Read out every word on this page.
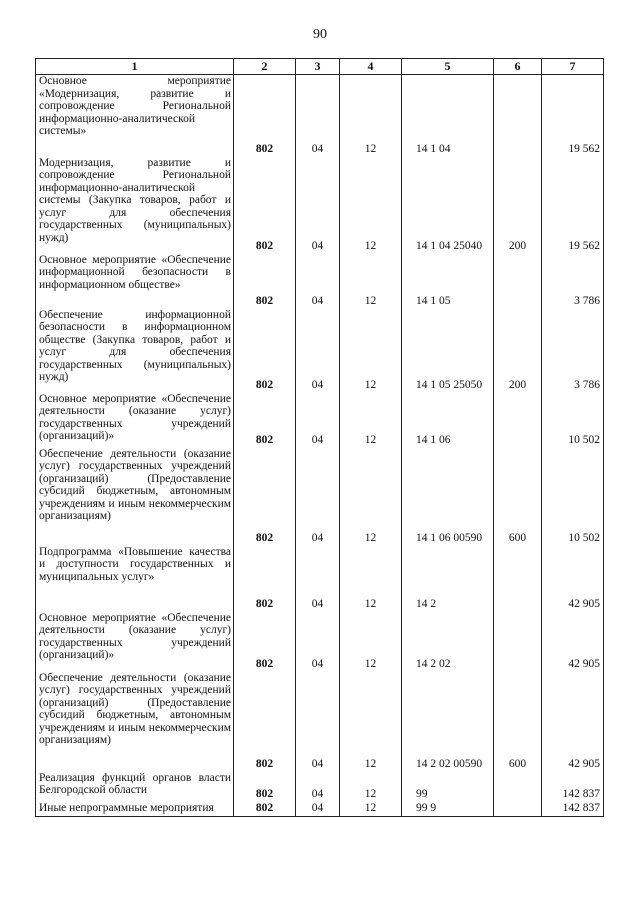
90
1	2	3	4	5	6	7

Основное мероприятие «Модернизация, развитие и сопровождение Региональной информационно-аналитической системы»	802	04	12	14 1 04		19 562

Модернизация, развитие и сопровождение Региональной информационно-аналитической системы (Закупка товаров, работ и услуг для обеспечения государственных (муниципальных) нужд)	802	04	12	14 1 04 25040	200	19 562

Основное мероприятие «Обеспечение информационной безопасности в информационном обществе»	802	04	12	14 1 05		3 786

Обеспечение информационной безопасности в информационном обществе (Закупка товаров, работ и услуг для обеспечения государственных (муниципальных) нужд)	802	04	12	14 1 05 25050	200	3 786

Основное мероприятие «Обеспечение деятельности (оказание услуг) государственных учреждений (организаций)»	802	04	12	14 1 06		10 502

Обеспечение деятельности (оказание услуг) государственных учреждений (организаций) (Предоставление субсидий бюджетным, автономным учреждениям и иным некоммерческим организациям)	802	04	12	14 1 06 00590	600	10 502

Подпрограмма «Повышение качества и доступности государственных и муниципальных услуг»	802	04	12	14 2		42 905

Основное мероприятие «Обеспечение деятельности (оказание услуг) государственных учреждений (организаций)»	802	04	12	14 2 02		42 905

Обеспечение деятельности (оказание услуг) государственных учреждений (организаций) (Предоставление субсидий бюджетным, автономным учреждениям и иным некоммерческим организациям)	802	04	12	14 2 02 00590	600	42 905

Реализация функций органов власти Белгородской области	802	04	12	99		142 837

Иные непрограммные мероприятия	802	04	12	99 9		142 837
